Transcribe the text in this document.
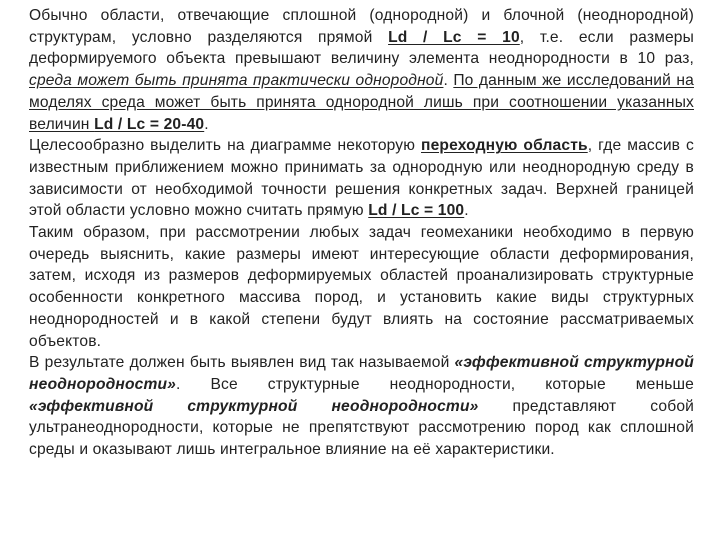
Обычно области, отвечающие сплошной (однородной) и блочной (неоднородной) структурам, условно разделяются прямой Ld / Lc = 10, т.е. если размеры деформируемого объекта превышают величину элемента неоднородности в 10 раз, среда может быть принята практически однородной. По данным же исследований на моделях среда может быть принята однородной лишь при соотношении указанных величин Ld / Lc = 20-40.

Целесообразно выделить на диаграмме некоторую переходную область, где массив с известным приближением можно принимать за однородную или неоднородную среду в зависимости от необходимой точности решения конкретных задач. Верхней границей этой области условно можно считать прямую Ld / Lc = 100.

Таким образом, при рассмотрении любых задач геомеханики необходимо в первую очередь выяснить, какие размеры имеют интересующие области деформирования, затем, исходя из размеров деформируемых областей проанализировать структурные особенности конкретного массива пород, и установить какие виды структурных неоднородностей и в какой степени будут влиять на состояние рассматриваемых объектов.

В результате должен быть выявлен вид так называемой «эффективной структурной неоднородности». Все структурные неоднородности, которые меньше «эффективной структурной неоднородности» представляют собой ультранеоднородности, которые не препятствуют рассмотрению пород как сплошной среды и оказывают лишь интегральное влияние на её характеристики.
